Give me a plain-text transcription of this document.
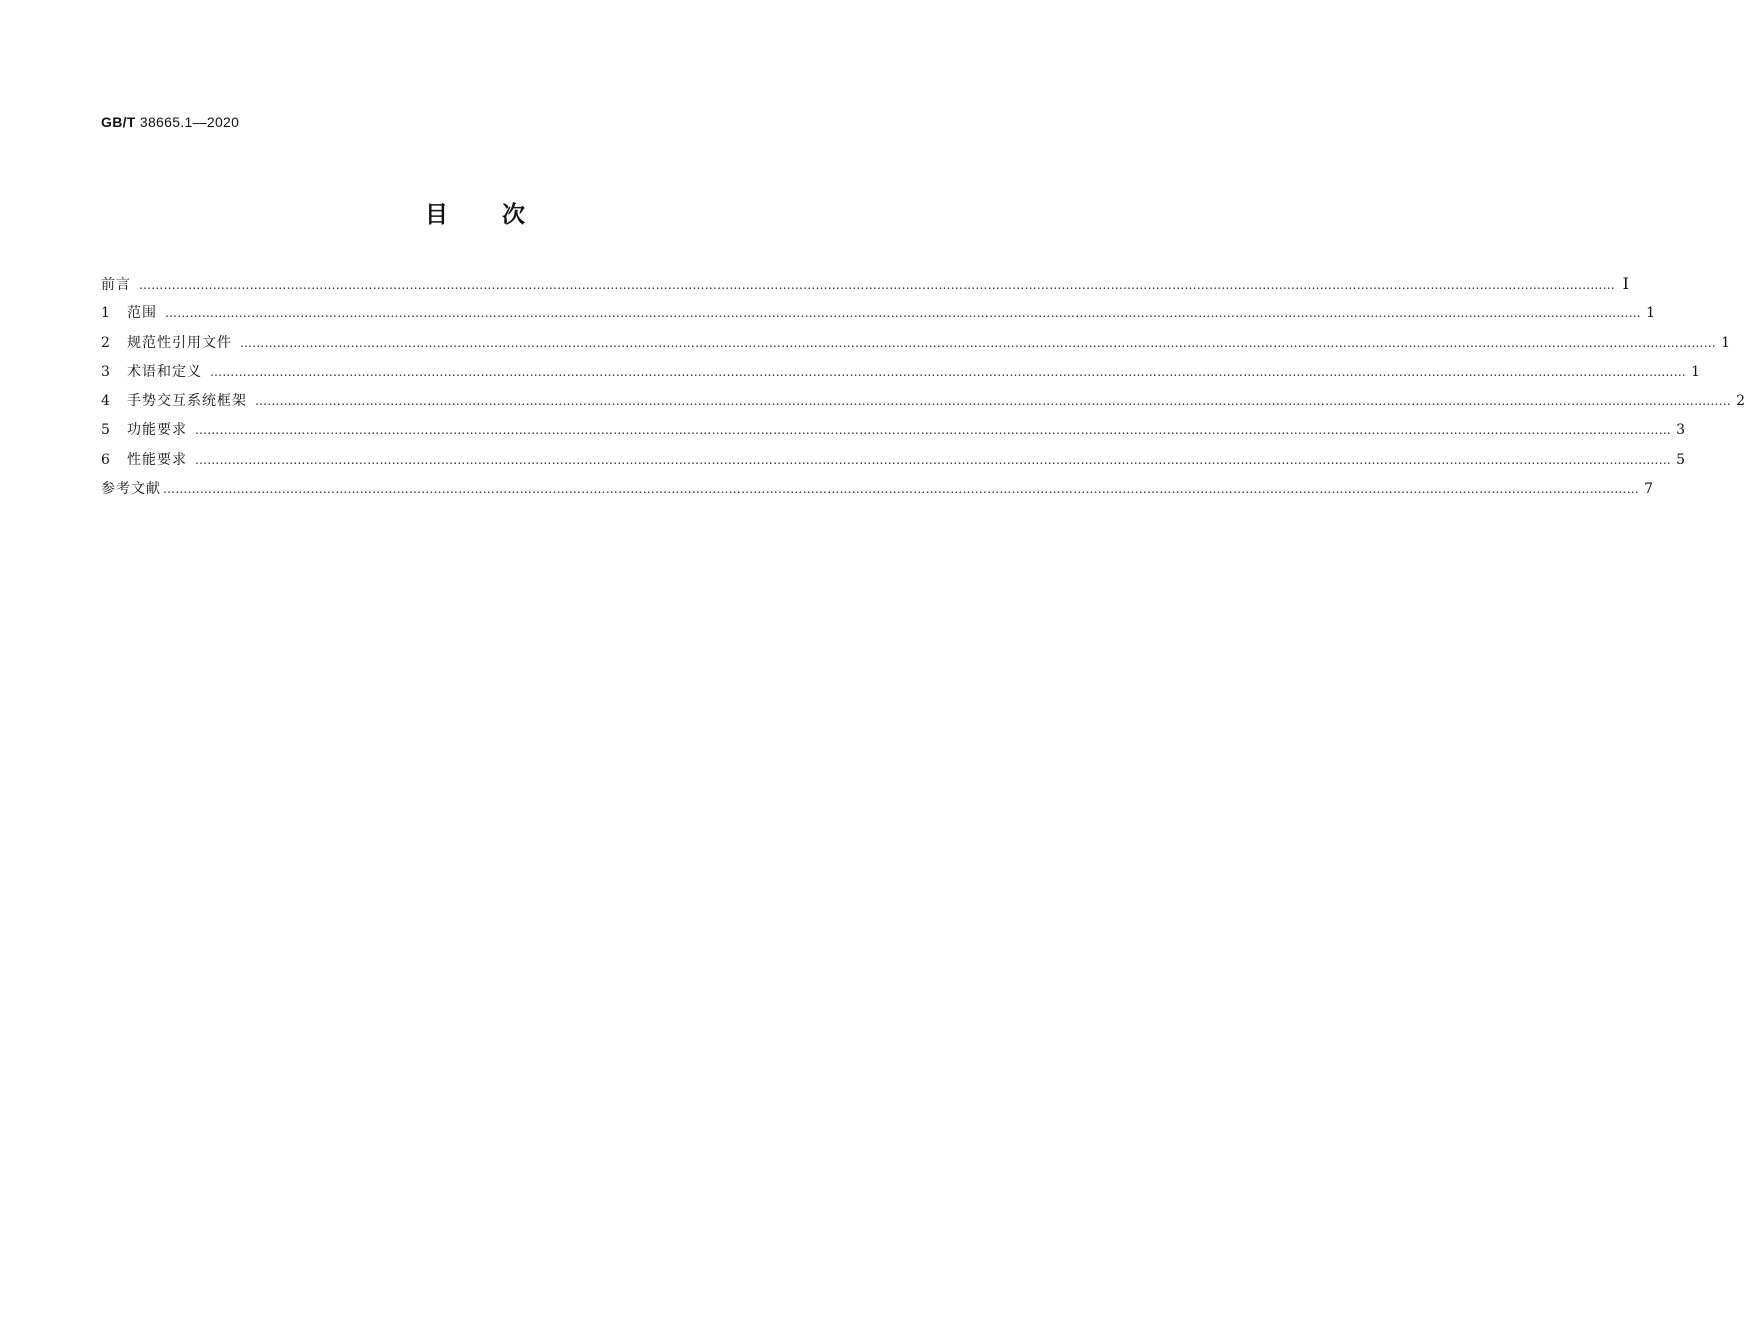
GB/T 38665.1—2020
目 次
前言 ……………………………………………………………………………………………………………………………………………………………………………………………………………………………………………………………………………………………………………………………… Ⅰ
1	范围 ……………………………………………………………………………………………………………………………………………………………………………………………………………………………………………………………………………………………………………………………… 1
2	规范性引用文件 ……………………………………………………………………………………………………………………………………………………………………………………………………………………………………………………………………………………………………………………………… 1
3	术语和定义 ……………………………………………………………………………………………………………………………………………………………………………………………………………………………………………………………………………………………………………………………… 1
4	手势交互系统框架 ……………………………………………………………………………………………………………………………………………………………………………………………………………………………………………………………………………………………………………………………… 2
5	功能要求 ……………………………………………………………………………………………………………………………………………………………………………………………………………………………………………………………………………………………………………………………… 3
6	性能要求 ……………………………………………………………………………………………………………………………………………………………………………………………………………………………………………………………………………………………………………………………… 5
参考文献 ……………………………………………………………………………………………………………………………………………………………………………………………………………………………………………………………………………………………………………………………… 7
